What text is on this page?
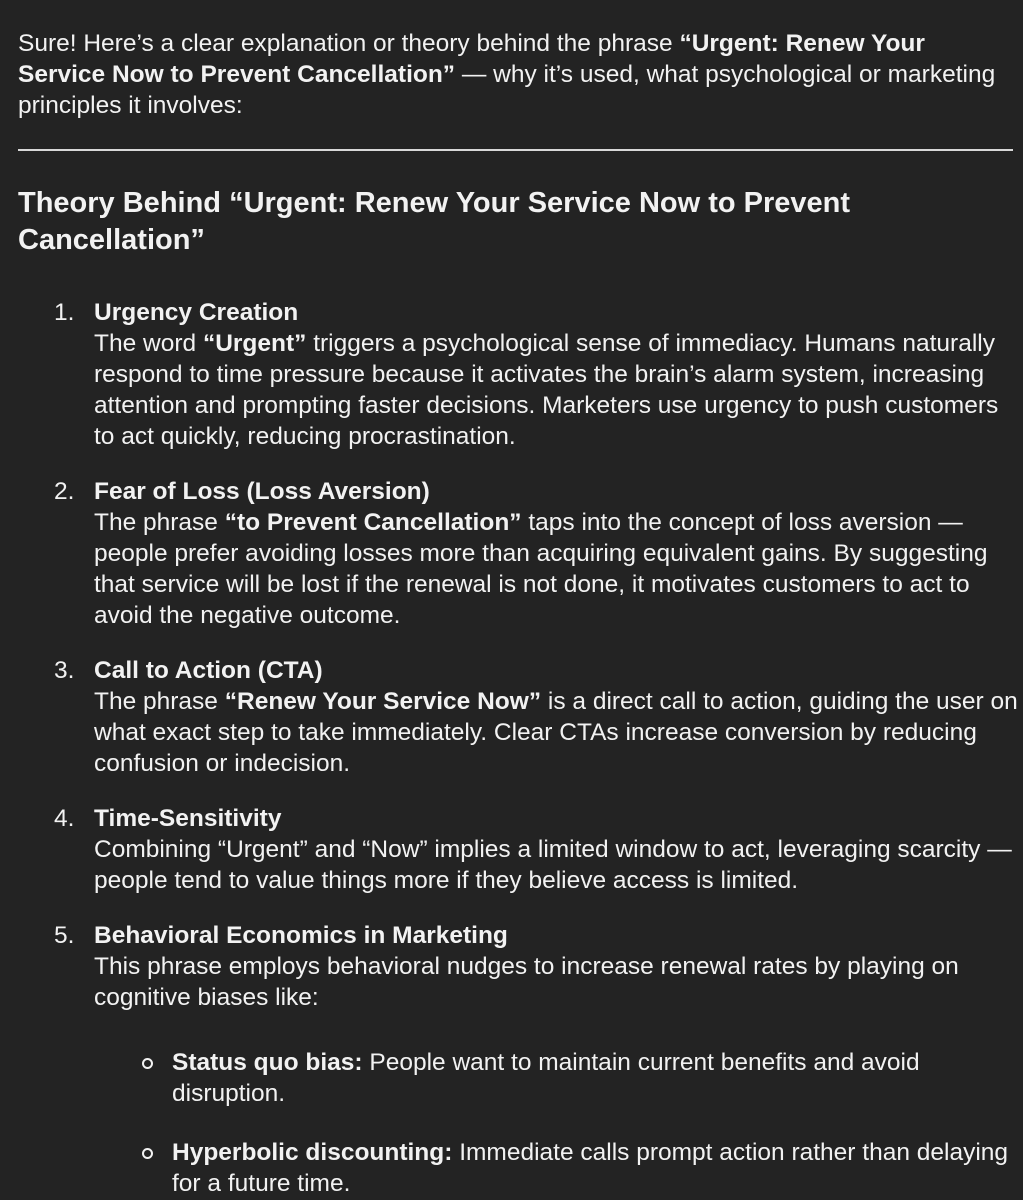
Sure! Here’s a clear explanation or theory behind the phrase “Urgent: Renew Your Service Now to Prevent Cancellation” — why it’s used, what psychological or marketing principles it involves:

Theory Behind “Urgent: Renew Your Service Now to Prevent Cancellation”
1. Urgency Creation
The word “Urgent” triggers a psychological sense of immediacy. Humans naturally respond to time pressure because it activates the brain’s alarm system, increasing attention and prompting faster decisions. Marketers use urgency to push customers to act quickly, reducing procrastination.
2. Fear of Loss (Loss Aversion)
The phrase “to Prevent Cancellation” taps into the concept of loss aversion — people prefer avoiding losses more than acquiring equivalent gains. By suggesting that service will be lost if the renewal is not done, it motivates customers to act to avoid the negative outcome.
3. Call to Action (CTA)
The phrase “Renew Your Service Now” is a direct call to action, guiding the user on what exact step to take immediately. Clear CTAs increase conversion by reducing confusion or indecision.
4. Time-Sensitivity
Combining “Urgent” and “Now” implies a limited window to act, leveraging scarcity — people tend to value things more if they believe access is limited.
5. Behavioral Economics in Marketing
This phrase employs behavioral nudges to increase renewal rates by playing on cognitive biases like:
Status quo bias: People want to maintain current benefits and avoid disruption.
Hyperbolic discounting: Immediate calls prompt action rather than delaying for a future time.
